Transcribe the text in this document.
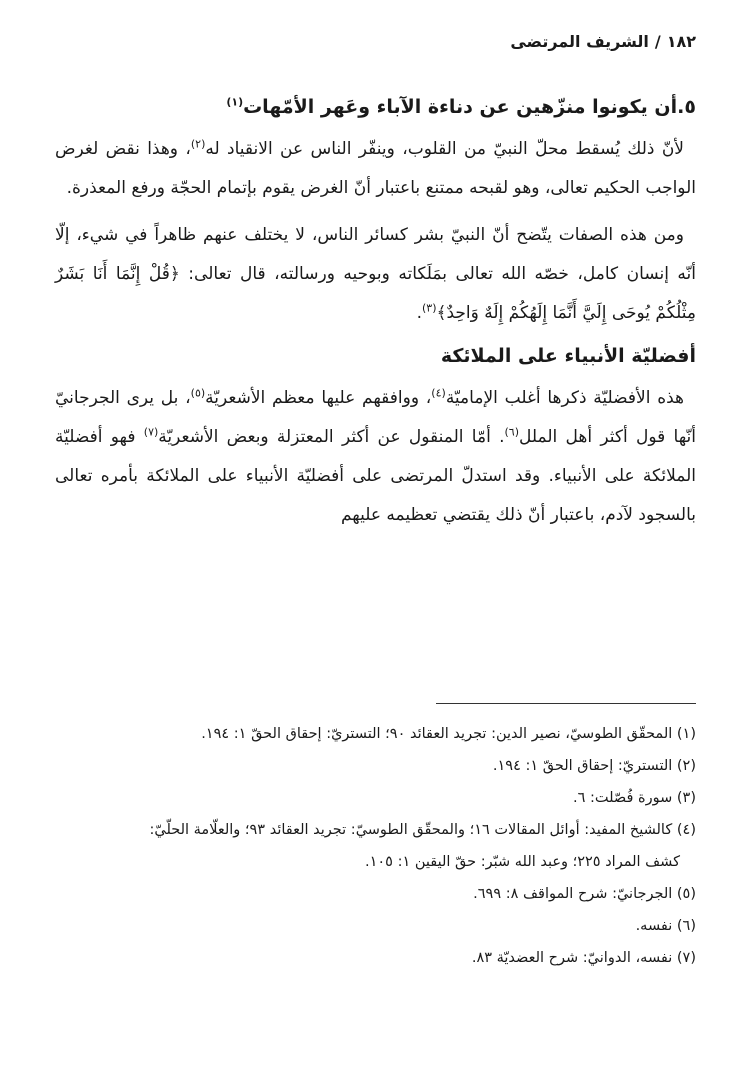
١٨٢/الشريف المرتضى
٥.أن يكونوا منزّهين عن دناءة الآباء وعَهر الأمّهات$^{(١)}$
لأنّ ذلك يُسقط محلّ النبيّ من القلوب، وينفّر الناس عن الانقياد له$^{(٢)}$، وهذا نقض لغرض الواجب الحكيم تعالى، وهو لقبحه ممتنع باعتبار أنّ الغرض يقوم بإتمام الحجّة ورفع المعذرة.
ومن هذه الصفات يتّضح أنّ النبيّ بشر كسائر الناس، لا يختلف عنهم ظاهراً في شيء، إلّا أنّه إنسان كامل، خصّه الله تعالى بمَلَكاته وبوحيه ورسالته، قال تعالى: ﴿قُلْ إِنَّمَا أَنَا بَشَرٌ مِثْلُكُمْ يُوحَى إِلَيَّ أَنَّمَا إِلَهُكُمْ إِلَهٌ وَاحِدٌ﴾$^{(٣)}$.
أفضليّة الأنبياء على الملائكة
هذه الأفضليّة ذكرها أغلب الإماميّة$^{(٤)}$، ووافقهم عليها معظم الأشعريّة$^{(٥)}$، بل يرى الجرجانيّ أنّها قول أكثر أهل الملل$^{(٦)}$. أمّا المنقول عن أكثر المعتزلة وبعض الأشعريّة$^{(٧)}$ فهو أفضليّة الملائكة على الأنبياء. وقد استدلّ المرتضى على أفضليّة الأنبياء على الملائكة بأمره تعالى بالسجود لآدم، باعتبار أنّ ذلك يقتضي تعظيمه عليهم

(١) المحقّق الطوسيّ، نصير الدين: تجريد العقائد ٩٠؛ التستريّ: إحقاق الحقّ ١: ١٩٤.

(٢) التستريّ: إحقاق الحقّ ١: ١٩٤.

(٣) سورة فُصّلت: ٦.

(٤) كالشيخ المفيد: أوائل المقالات ١٦؛ والمحقّق الطوسيّ: تجريد العقائد ٩٣؛ والعلّامة الحلّيّ:

كشف المراد ٢٢٥؛ وعبد الله شبّر: حقّ اليقين ١: ١٠٥.

(٥) الجرجانيّ: شرح المواقف ٨: ٦٩٩.

(٦) نفسه.

(٧) نفسه، الدوانيّ: شرح العضديّة ٨٣.
